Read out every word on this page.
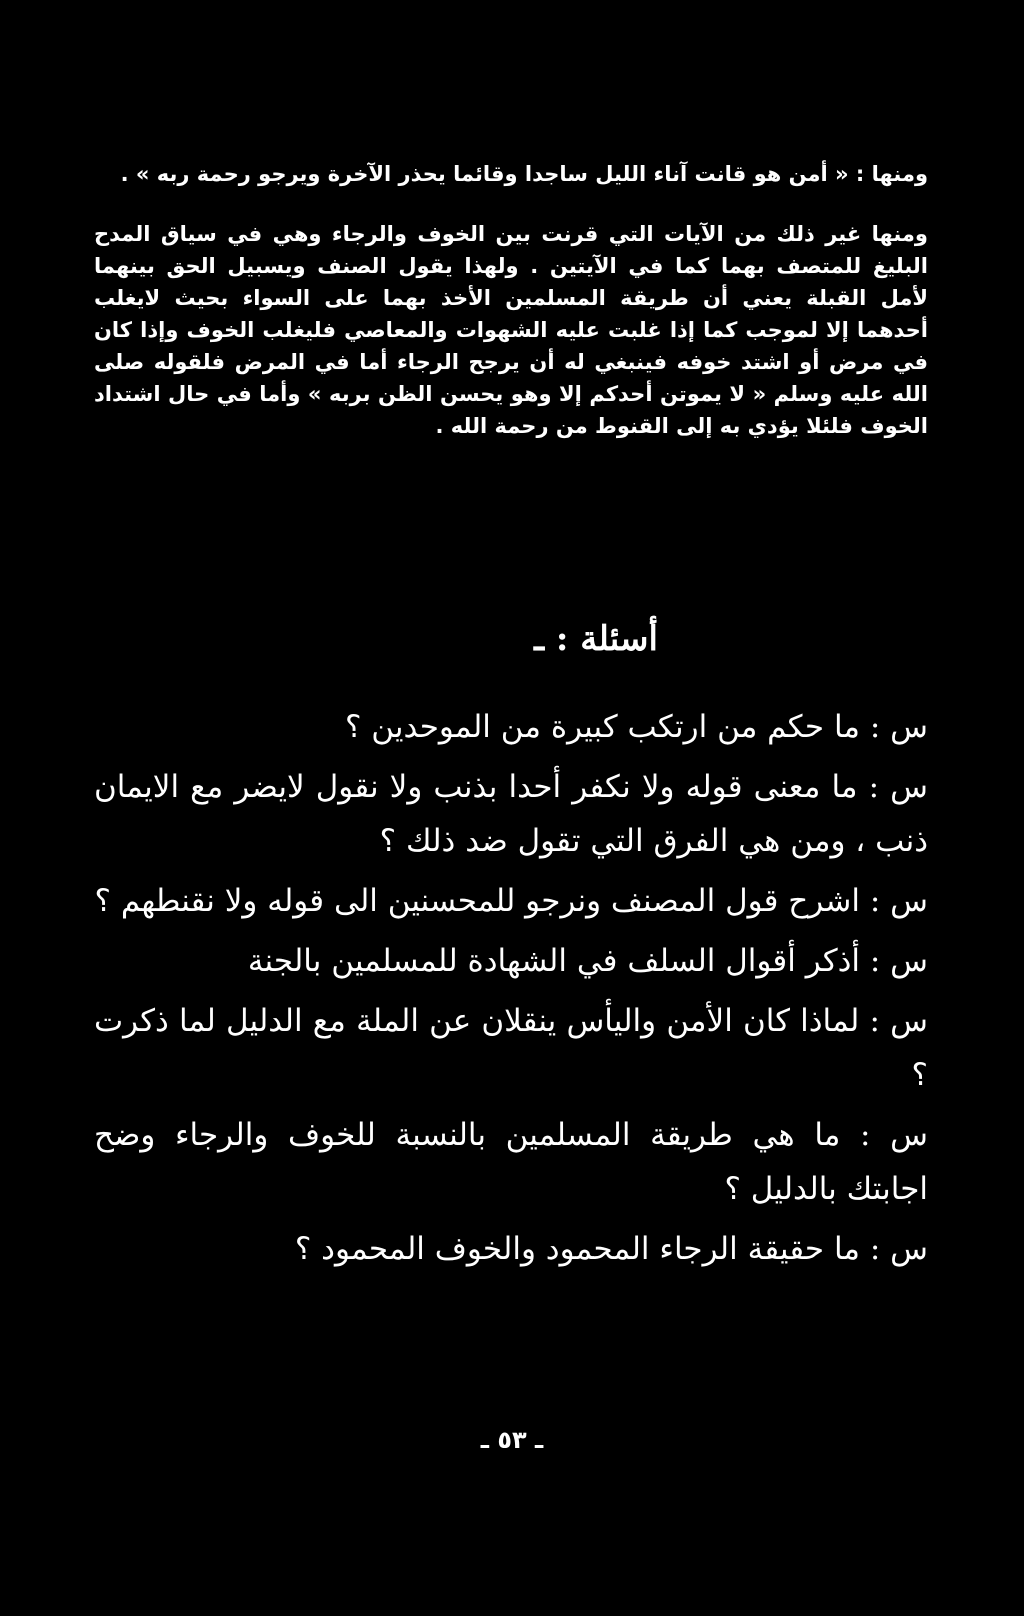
ومنها : « أمن هو قانت آناء الليل ساجدا وقائما يحذر الآخرة ويرجو رحمة ربه » .

ومنها غير ذلك من الآيات التي قرنت بين الخوف والرجاء وهي في سياق المدح البليغ للمتصف بهما كما في الآيتين . ولهذا يقول الصنف ويسبيل الحق بينهما لأمل القبلة يعني أن طريقة المسلمين الأخذ بهما على السواء بحيث لايغلب أحدهما إلا لموجب كما إذا غلبت عليه الشهوات والمعاصي فليغلب الخوف وإذا كان في مرض أو اشتد خوفه فينبغي له أن يرجح الرجاء أما في المرض فلقوله صلى الله عليه وسلم « لا يموتن أحدكم إلا وهو يحسن الظن بربه » وأما في حال اشتداد الخوف فلئلا يؤدي به إلى القنوط من رحمة الله .

أسئلة : ـ

س : ما حكم من ارتكب كبيرة من الموحدين ؟

س : ما معنى قوله ولا نكفر أحدا بذنب ولا نقول لايضر مع الايمان ذنب ، ومن هي الفرق التي تقول ضد ذلك ؟

س : اشرح قول المصنف ونرجو للمحسنين الى قوله ولا نقنطهم ؟

س : أذكر أقوال السلف في الشهادة للمسلمين بالجنة

س : لماذا كان الأمن واليأس ينقلان عن الملة مع الدليل لما ذكرت ؟

س : ما هي طريقة المسلمين بالنسبة للخوف والرجاء وضح اجابتك بالدليل ؟

س : ما حقيقة الرجاء المحمود والخوف المحمود ؟

ـ ٥٣ ـ
